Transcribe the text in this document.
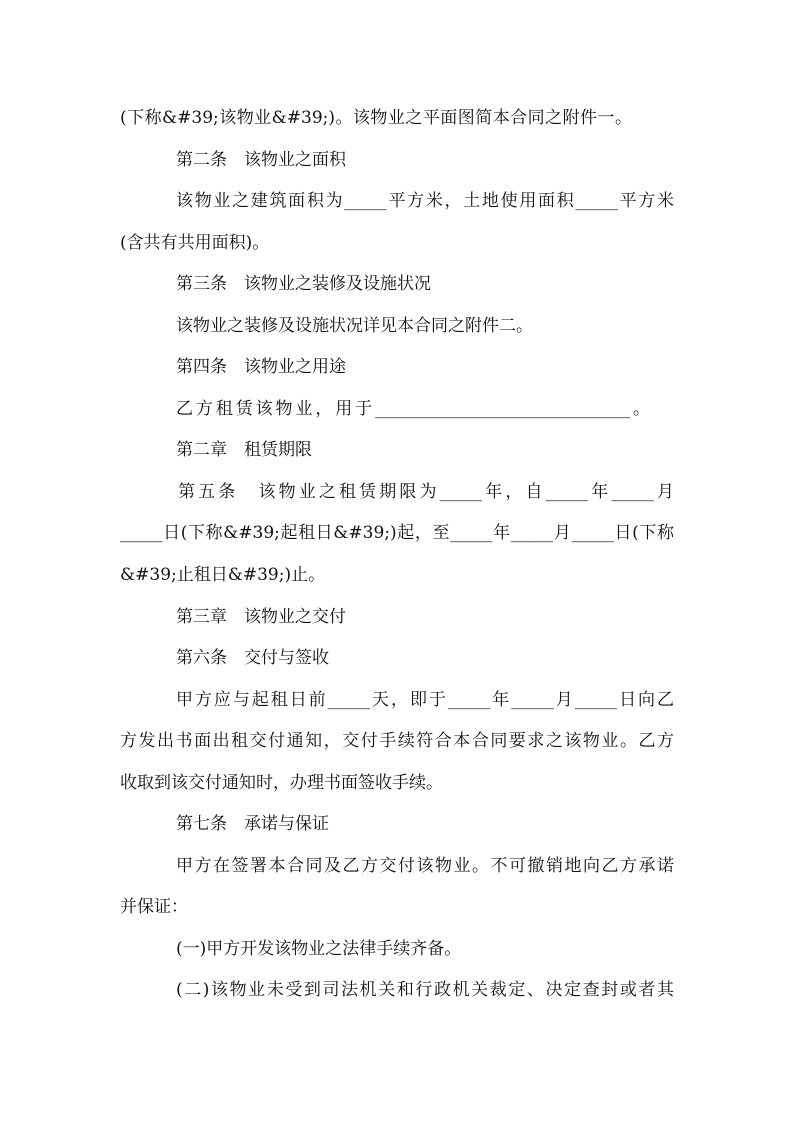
(下称&#39;该物业&#39;)。该物业之平面图简本合同之附件一。
第二条　该物业之面积
该物业之建筑面积为_____平方米，土地使用面积_____平方米
(含共有共用面积)。
第三条　该物业之装修及设施状况
该物业之装修及设施状况详见本合同之附件二。
第四条　该物业之用途
乙方租赁该物业，用于______________________________。
第二章　租赁期限
第五条　该物业之租赁期限为_____年，自_____年_____月
_____日(下称&#39;起租日&#39;)起，至_____年_____月_____日(下称
&#39;止租日&#39;)止。
第三章　该物业之交付
第六条　交付与签收
甲方应与起租日前_____天，即于_____年_____月_____日向乙
方发出书面出租交付通知，交付手续符合本合同要求之该物业。乙方
收取到该交付通知时，办理书面签收手续。
第七条　承诺与保证
甲方在签署本合同及乙方交付该物业。不可撤销地向乙方承诺
并保证：
(一)甲方开发该物业之法律手续齐备。
(二)该物业未受到司法机关和行政机关裁定、决定查封或者其
